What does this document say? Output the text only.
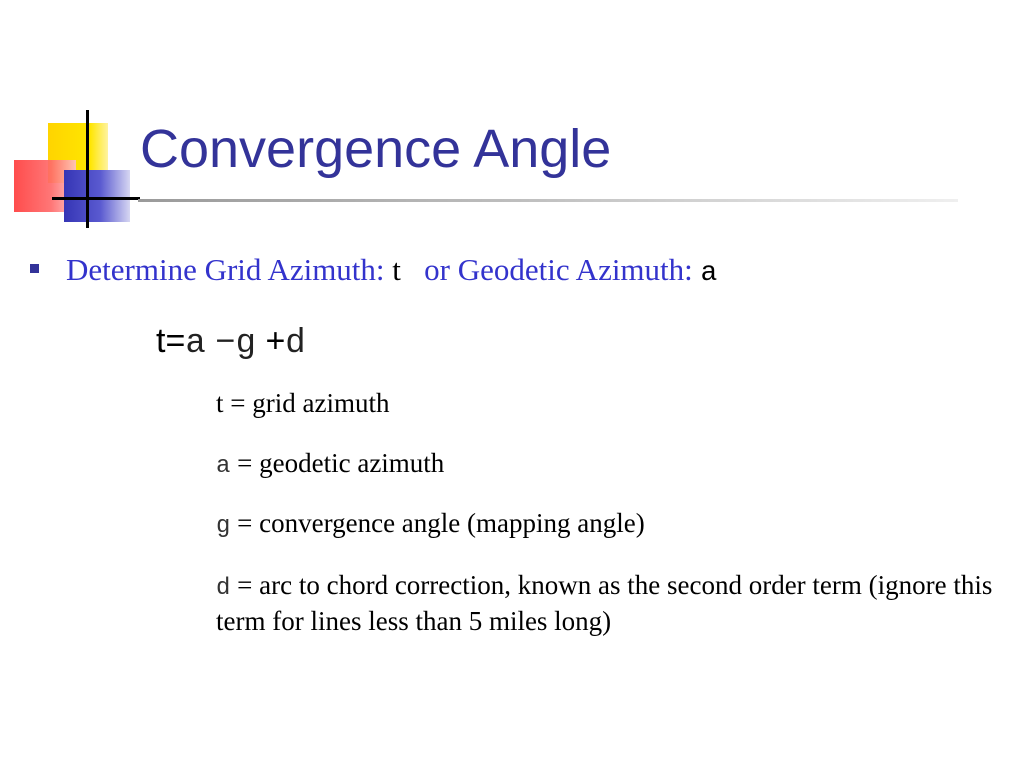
Convergence Angle
Determine Grid Azimuth: t or Geodetic Azimuth: a
t=a −g +d
t = grid azimuth
a = geodetic azimuth
g = convergence angle (mapping angle)
d = arc to chord correction, known as the second order term (ignore this term for lines less than 5 miles long)
